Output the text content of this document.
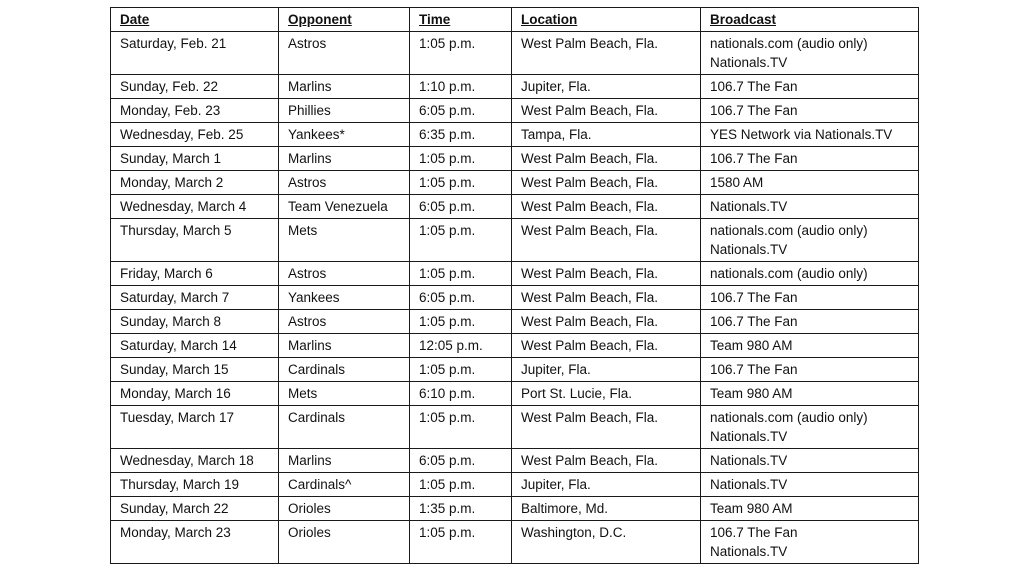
Date	Opponent	Time	Location	Broadcast
Saturday, Feb. 21	Astros	1:05 p.m.	West Palm Beach, Fla.	nationals.com (audio only)
Nationals.TV

Sunday, Feb. 22	Marlins	1:10 p.m.	Jupiter, Fla.	106.7 The Fan

Monday, Feb. 23	Phillies	6:05 p.m.	West Palm Beach, Fla.	106.7 The Fan

Wednesday, Feb. 25	Yankees*	6:35 p.m.	Tampa, Fla.	YES Network via Nationals.TV

Sunday, March 1	Marlins	1:05 p.m.	West Palm Beach, Fla.	106.7 The Fan

Monday, March 2	Astros	1:05 p.m.	West Palm Beach, Fla.	1580 AM

Wednesday, March 4	Team Venezuela	6:05 p.m.	West Palm Beach, Fla.	Nationals.TV

Thursday, March 5	Mets	1:05 p.m.	West Palm Beach, Fla.	nationals.com (audio only)
Nationals.TV

Friday, March 6	Astros	1:05 p.m.	West Palm Beach, Fla.	nationals.com (audio only)

Saturday, March 7	Yankees	6:05 p.m.	West Palm Beach, Fla.	106.7 The Fan

Sunday, March 8	Astros	1:05 p.m.	West Palm Beach, Fla.	106.7 The Fan

Saturday, March 14	Marlins	12:05 p.m.	West Palm Beach, Fla.	Team 980 AM

Sunday, March 15	Cardinals	1:05 p.m.	Jupiter, Fla.	106.7 The Fan

Monday, March 16	Mets	6:10 p.m.	Port St. Lucie, Fla.	Team 980 AM

Tuesday, March 17	Cardinals	1:05 p.m.	West Palm Beach, Fla.	nationals.com (audio only)
Nationals.TV

Wednesday, March 18	Marlins	6:05 p.m.	West Palm Beach, Fla.	Nationals.TV

Thursday, March 19	Cardinals^	1:05 p.m.	Jupiter, Fla.	Nationals.TV

Sunday, March 22	Orioles	1:35 p.m.	Baltimore, Md.	Team 980 AM

Monday, March 23	Orioles	1:05 p.m.	Washington, D.C.	106.7 The Fan
Nationals.TV
